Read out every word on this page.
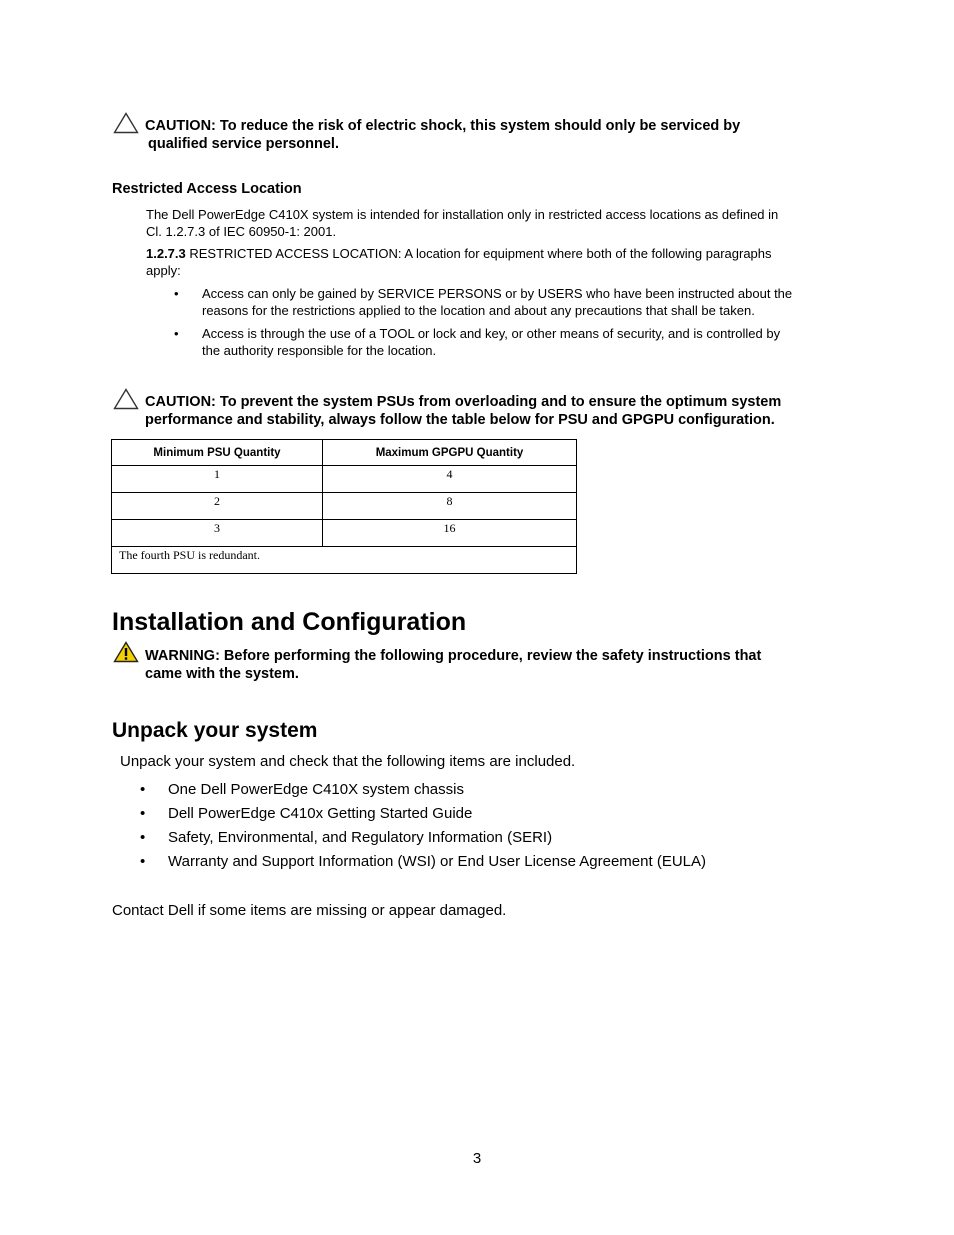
CAUTION: To reduce the risk of electric shock, this system should only be serviced by
qualified service personnel.
Restricted Access Location
The Dell PowerEdge C410X system is intended for installation only in restricted access locations as defined in
Cl. 1.2.7.3 of IEC 60950-1: 2001.
1.2.7.3 RESTRICTED ACCESS LOCATION: A location for equipment where both of the following paragraphs
apply:
• Access can only be gained by SERVICE PERSONS or by USERS who have been instructed about the
reasons for the restrictions applied to the location and about any precautions that shall be taken.
• Access is through the use of a TOOL or lock and key, or other means of security, and is controlled by
the authority responsible for the location.
CAUTION: To prevent the system PSUs from overloading and to ensure the optimum system
performance and stability, always follow the table below for PSU and GPGPU configuration.
Minimum PSU Quantity	Maximum GPGPU Quantity
1	4
2	8
3	16
The fourth PSU is redundant.	
Installation and Configuration
WARNING: Before performing the following procedure, review the safety instructions that
came with the system.
Unpack your system
Unpack your system and check that the following items are included.
• One Dell PowerEdge C410X system chassis
• Dell PowerEdge C410x Getting Started Guide
• Safety, Environmental, and Regulatory Information (SERI)
• Warranty and Support Information (WSI) or End User License Agreement (EULA)
Contact Dell if some items are missing or appear damaged.
3
